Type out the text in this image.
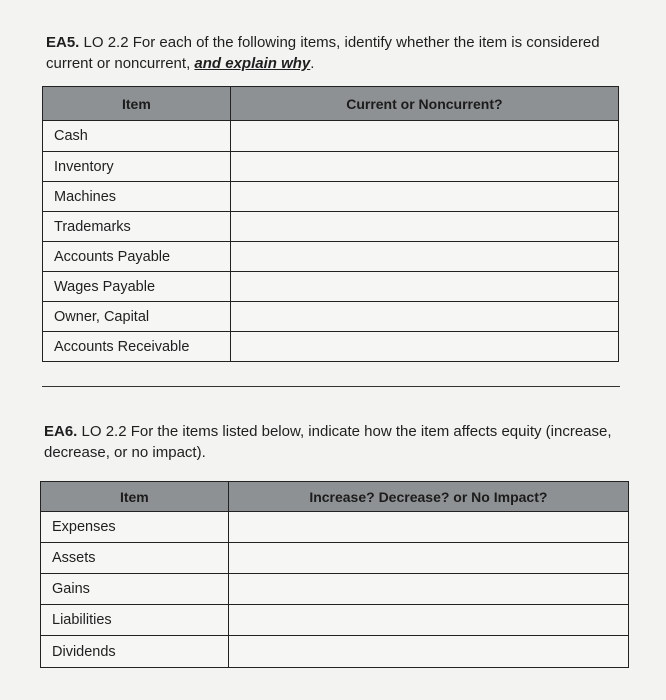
EA5. LO 2.2 For each of the following items, identify whether the item is considered current or noncurrent, and explain why.
Item	Current or Noncurrent?
Cash	
Inventory	
Machines	
Trademarks	
Accounts Payable	
Wages Payable	
Owner, Capital	
Accounts Receivable	
EA6. LO 2.2 For the items listed below, indicate how the item affects equity (increase, decrease, or no impact).
Item	Increase? Decrease? or No Impact?
Expenses	
Assets	
Gains	
Liabilities	
Dividends	
